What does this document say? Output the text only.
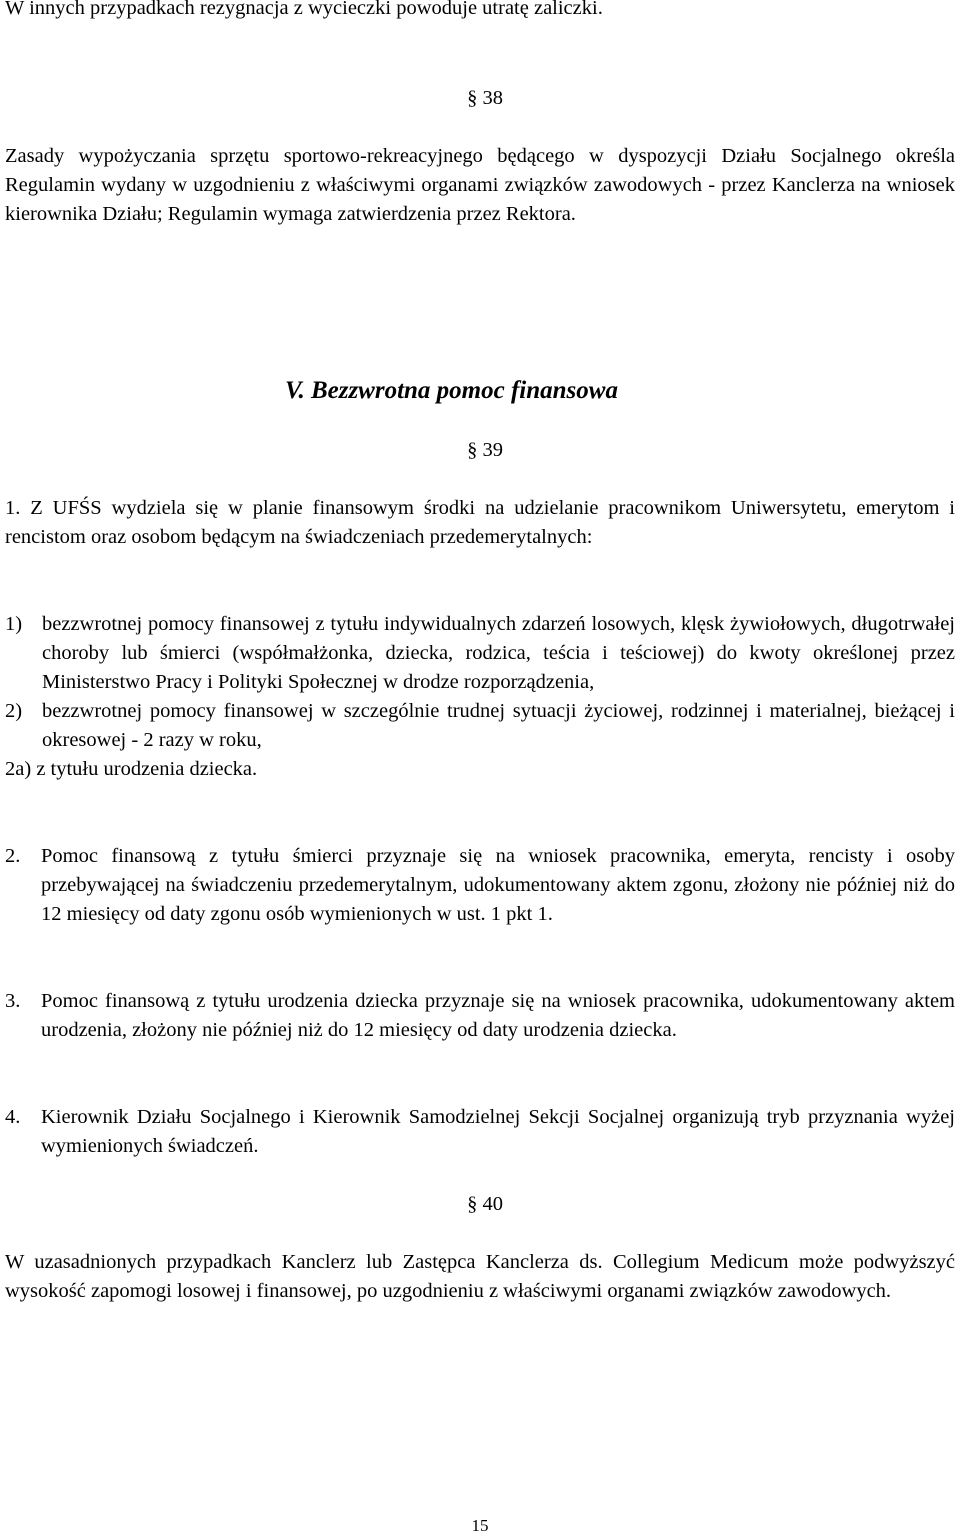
W innych przypadkach rezygnacja z wycieczki powoduje utratę zaliczki.

§ 38

Zasady wypożyczania sprzętu sportowo-rekreacyjnego będącego w dyspozycji Działu Socjalnego określa Regulamin wydany w uzgodnieniu z właściwymi organami związków zawodowych - przez Kanclerza na wniosek kierownika Działu; Regulamin wymaga zatwierdzenia przez Rektora.

V. Bezzwrotna pomoc finansowa
§ 39

1. Z UFŚS wydziela się w planie finansowym środki na udzielanie pracownikom Uniwersytetu, emerytom i rencistom oraz osobom będącym na świadczeniach przedemerytalnych:

1) bezzwrotnej pomocy finansowej z tytułu indywidualnych zdarzeń losowych, klęsk żywiołowych, długotrwałej choroby lub śmierci (współmałżonka, dziecka, rodzica, teścia i teściowej) do kwoty określonej przez Ministerstwo Pracy i Polityki Społecznej w drodze rozporządzenia,
2) bezzwrotnej pomocy finansowej w szczególnie trudnej sytuacji życiowej, rodzinnej i materialnej, bieżącej i okresowej - 2 razy w roku,
2a) z tytułu urodzenia dziecka.
2.	Pomoc finansową z tytułu śmierci przyznaje się na wniosek pracownika, emeryta, rencisty i osoby przebywającej na świadczeniu przedemerytalnym, udokumentowany aktem zgonu, złożony nie później niż do 12 miesięcy od daty zgonu osób wymienionych w ust. 1 pkt 1.
3.	Pomoc finansową z tytułu urodzenia dziecka przyznaje się na wniosek pracownika, udokumentowany aktem urodzenia, złożony nie później niż do 12 miesięcy od daty urodzenia dziecka.
4.	Kierownik Działu Socjalnego i Kierownik Samodzielnej Sekcji Socjalnej organizują tryb przyznania wyżej wymienionych świadczeń.
§ 40

W uzasadnionych przypadkach Kanclerz lub Zastępca Kanclerza ds. Collegium Medicum może podwyższyć wysokość zapomogi losowej i finansowej, po uzgodnieniu z właściwymi organami związków zawodowych.

15
